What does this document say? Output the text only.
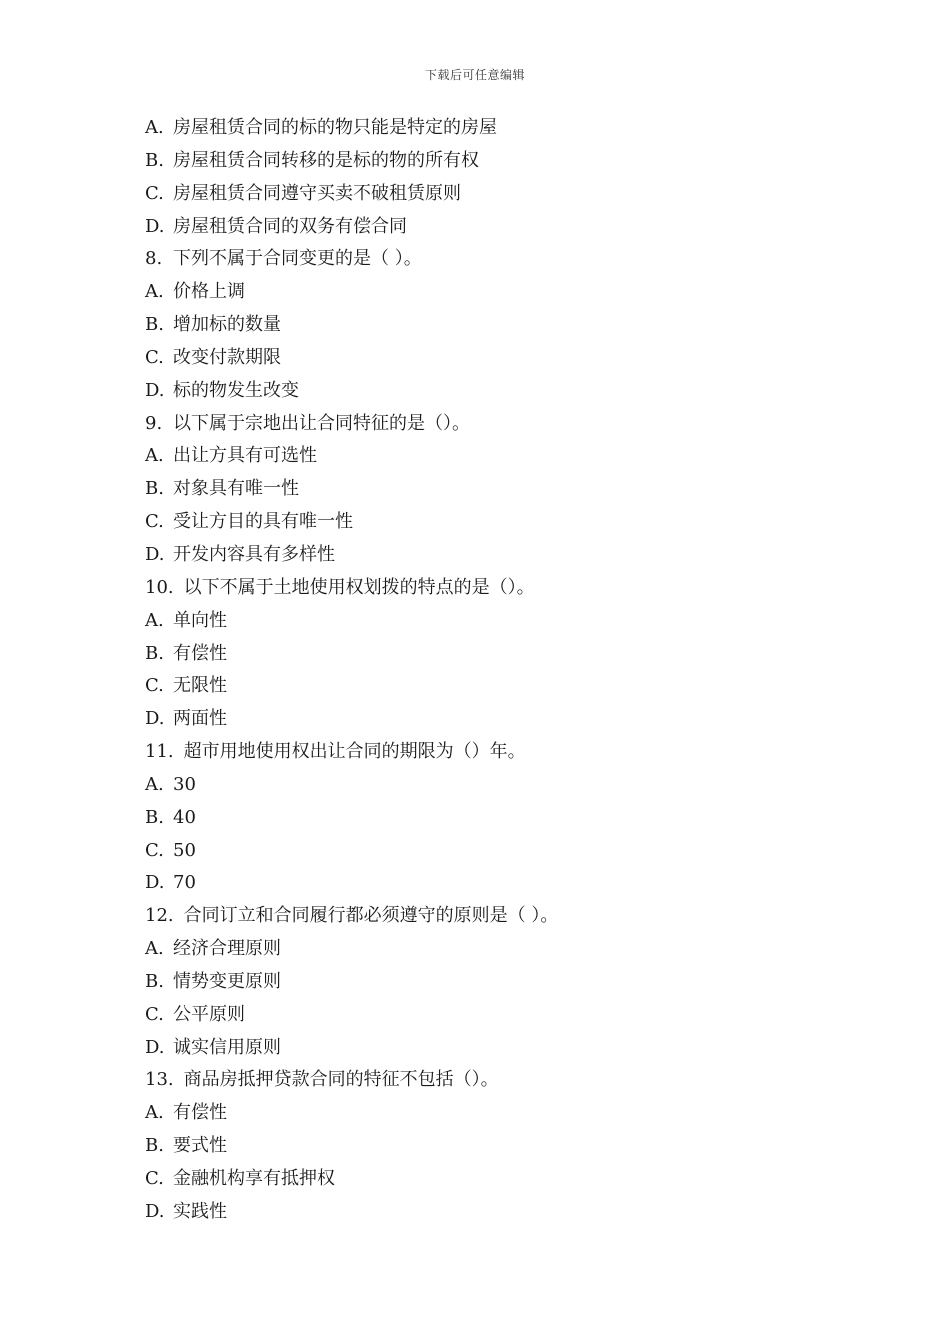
下载后可任意编辑
A. 房屋租赁合同的标的物只能是特定的房屋
B. 房屋租赁合同转移的是标的物的所有权
C. 房屋租赁合同遵守买卖不破租赁原则
D. 房屋租赁合同的双务有偿合同
8. 下列不属于合同变更的是（ ）。
A. 价格上调
B. 增加标的数量
C. 改变付款期限
D. 标的物发生改变
9. 以下属于宗地出让合同特征的是（）。
A. 出让方具有可选性
B. 对象具有唯一性
C. 受让方目的具有唯一性
D. 开发内容具有多样性
10. 以下不属于土地使用权划拨的特点的是（）。
A. 单向性
B. 有偿性
C. 无限性
D. 两面性
11. 超市用地使用权出让合同的期限为（）年。
A. 30
B. 40
C. 50
D. 70
12. 合同订立和合同履行都必须遵守的原则是（ ）。
A. 经济合理原则
B. 情势变更原则
C. 公平原则
D. 诚实信用原则
13. 商品房抵押贷款合同的特征不包括（）。
A. 有偿性
B. 要式性
C. 金融机构享有抵押权
D. 实践性
